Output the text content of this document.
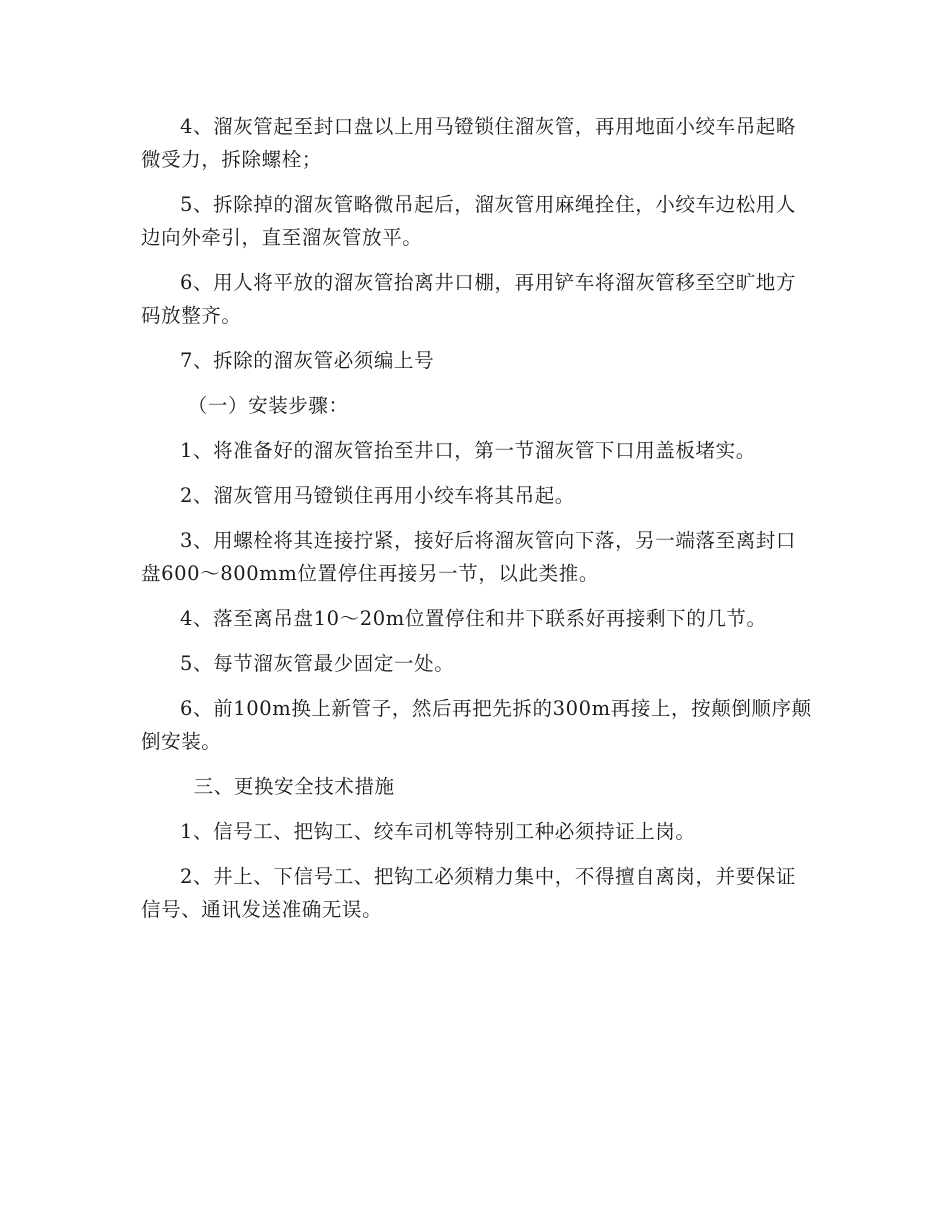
4、溜灰管起至封口盘以上用马镫锁住溜灰管，再用地面小绞车吊起略微受力，拆除螺栓；

5、拆除掉的溜灰管略微吊起后，溜灰管用麻绳拴住，小绞车边松用人边向外牵引，直至溜灰管放平。

6、用人将平放的溜灰管抬离井口棚，再用铲车将溜灰管移至空旷地方码放整齐。

7、拆除的溜灰管必须编上号

（一）安装步骤：

1、将准备好的溜灰管抬至井口，第一节溜灰管下口用盖板堵实。

2、溜灰管用马镫锁住再用小绞车将其吊起。

3、用螺栓将其连接拧紧，接好后将溜灰管向下落，另一端落至离封口盘600～800mm位置停住再接另一节，以此类推。

4、落至离吊盘10～20m位置停住和井下联系好再接剩下的几节。

5、每节溜灰管最少固定一处。

6、前100m换上新管子，然后再把先拆的300m再接上，按颠倒顺序颠倒安装。

三、更换安全技术措施

1、信号工、把钩工、绞车司机等特别工种必须持证上岗。

2、井上、下信号工、把钩工必须精力集中，不得擅自离岗，并要保证信号、通讯发送准确无误。
